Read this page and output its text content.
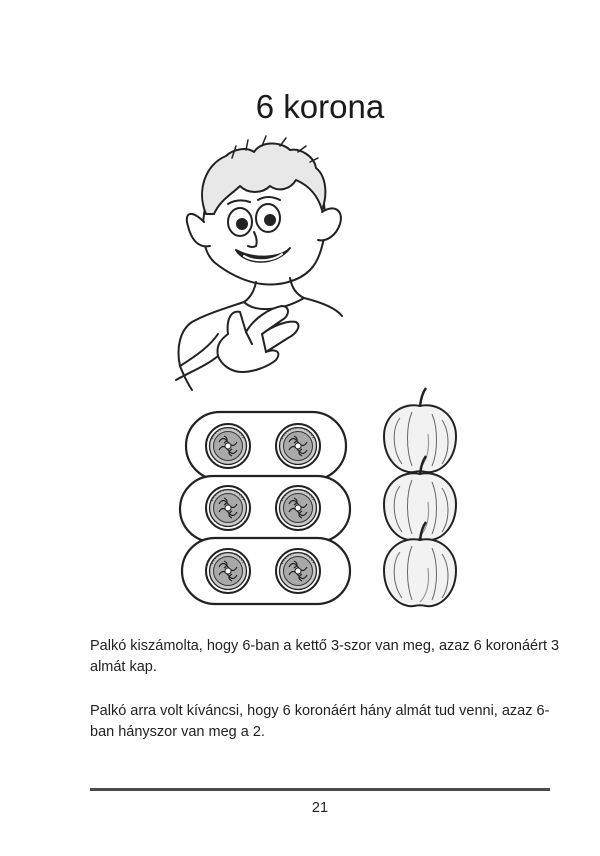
6 korona

Palkó kiszámolta, hogy 6-ban a kettő 3-szor van meg, azaz 6 koronáért 3 almát kap.

Palkó arra volt kíváncsi, hogy 6 koronáért hány almát tud venni, azaz 6-ban hányszor van meg a 2.

21
